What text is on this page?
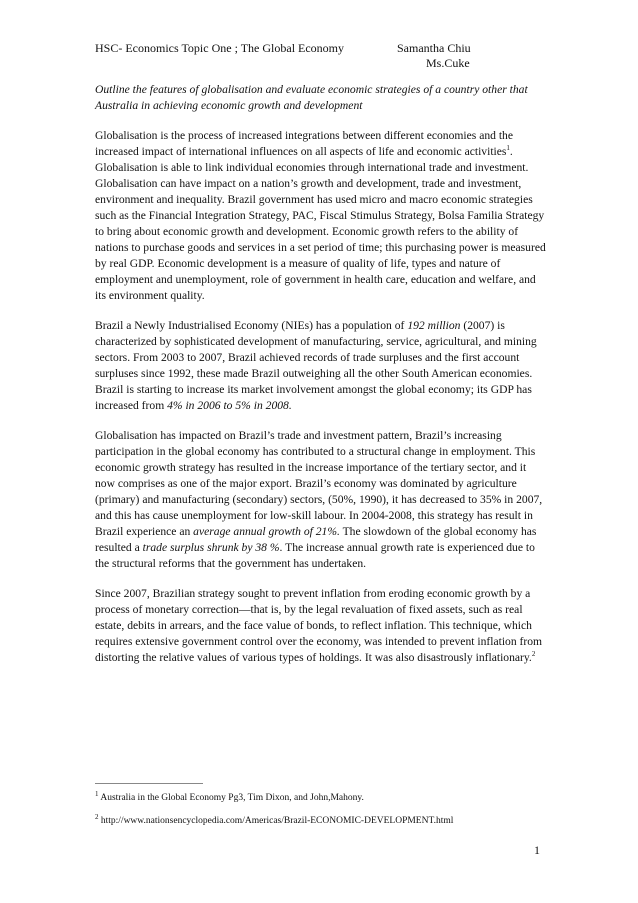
HSC- Economics Topic One ; The Global Economy	Samantha Chiu
Ms.Cuke

Outline the features of globalisation and evaluate economic strategies of a country other that Australia in achieving economic growth and development

Globalisation is the process of increased integrations between different economies and the increased impact of international influences on all aspects of life and economic activities$^1$. Globalisation is able to link individual economies through international trade and investment. Globalisation can have impact on a nation’s growth and development, trade and investment, environment and inequality. Brazil government has used micro and macro economic strategies such as the Financial Integration Strategy, PAC, Fiscal Stimulus Strategy, Bolsa Familia Strategy to bring about economic growth and development. Economic growth refers to the ability of nations to purchase goods and services in a set period of time; this purchasing power is measured by real GDP. Economic development is a measure of quality of life, types and nature of employment and unemployment, role of government in health care, education and welfare, and its environment quality.

Brazil a Newly Industrialised Economy (NIEs) has a population of 192 million (2007) is characterized by sophisticated development of manufacturing, service, agricultural, and mining sectors. From 2003 to 2007, Brazil achieved records of trade surpluses and the first account surpluses since 1992, these made Brazil outweighing all the other South American economies. Brazil is starting to increase its market involvement amongst the global economy; its GDP has increased from 4% in 2006 to 5% in 2008.

Globalisation has impacted on Brazil’s trade and investment pattern, Brazil’s increasing participation in the global economy has contributed to a structural change in employment. This economic growth strategy has resulted in the increase importance of the tertiary sector, and it now comprises as one of the major export. Brazil’s economy was dominated by agriculture (primary) and manufacturing (secondary) sectors, (50%, 1990), it has decreased to 35% in 2007, and this has cause unemployment for low-skill labour. In 2004-2008, this strategy has result in Brazil experience an average annual growth of 21%. The slowdown of the global economy has resulted a trade surplus shrunk by 38 %. The increase annual growth rate is experienced due to the structural reforms that the government has undertaken.

Since 2007, Brazilian strategy sought to prevent inflation from eroding economic growth by a process of monetary correction—that is, by the legal revaluation of fixed assets, such as real estate, debits in arrears, and the face value of bonds, to reflect inflation. This technique, which requires extensive government control over the economy, was intended to prevent inflation from distorting the relative values of various types of holdings. It was also disastrously inflationary.$^2$

$^1$ Australia in the Global Economy Pg3, Tim Dixon, and John,Mahony.
$^2$ http://www.nationsencyclopedia.com/Americas/Brazil-ECONOMIC-DEVELOPMENT.html
1
